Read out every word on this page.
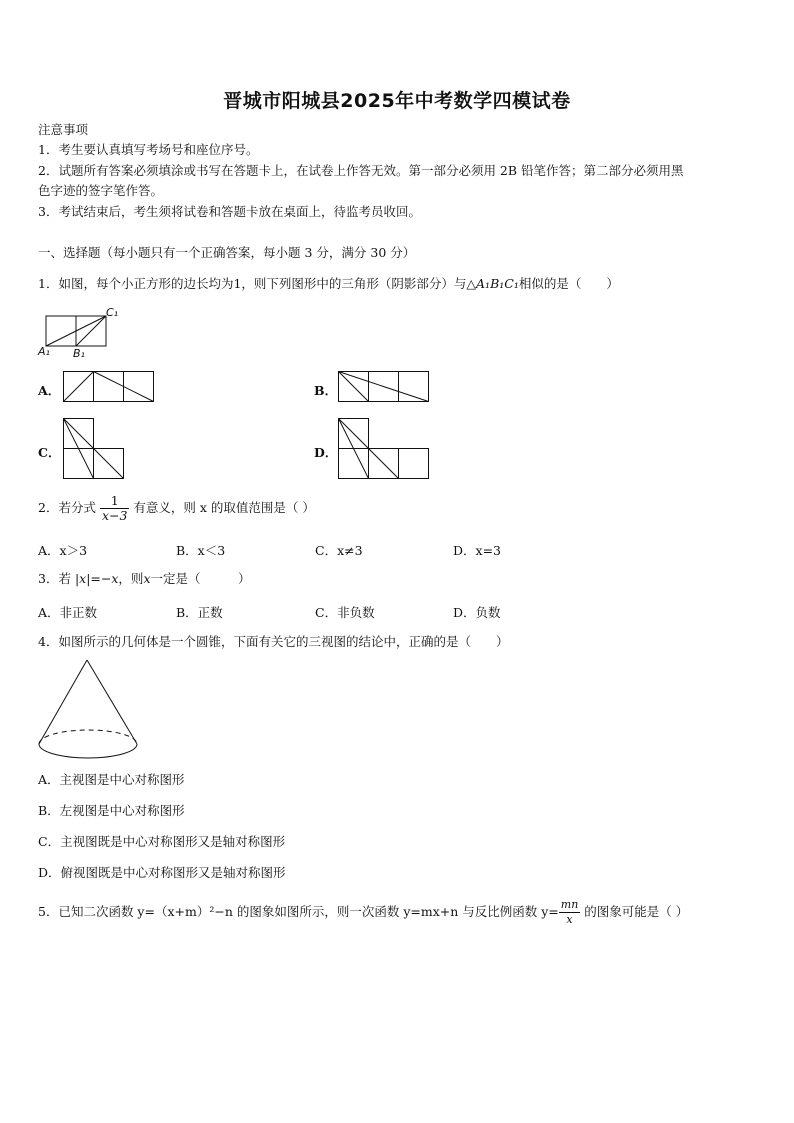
晋城市阳城县2025年中考数学四模试卷
注意事项
1．考生要认真填写考场号和座位序号。
2．试题所有答案必须填涂或书写在答题卡上，在试卷上作答无效。第一部分必须用 2B 铅笔作答；第二部分必须用黑
色字迹的签字笔作答。
3．考试结束后，考生须将试卷和答题卡放在桌面上，待监考员收回。
一、选择题（每小题只有一个正确答案，每小题 3 分，满分 30 分）
1．如图，每个小正方形的边长均为1，则下列图形中的三角形（阴影部分）与△A₁B₁C₁相似的是（　　）
C₁
A₁ B₁
A．	B．
C．	D．
2．若分式 $\frac{1}{x-3}$ 有意义，则 x 的取值范围是（ ）
A．x＞3	B．x＜3	C．x≠3	D．x=3
3．若 |x|=−x，则x一定是（　　　）
A．非正数	B．正数	C．非负数	D．负数
4．如图所示的几何体是一个圆锥，下面有关它的三视图的结论中，正确的是（　　）
A．主视图是中心对称图形
B．左视图是中心对称图形
C．主视图既是中心对称图形又是轴对称图形
D．俯视图既是中心对称图形又是轴对称图形
5．已知二次函数 y=（x+m）²−n 的图象如图所示，则一次函数 y=mx+n 与反比例函数 $y= \frac{mn}{x}$ 的图象可能是（ ）
